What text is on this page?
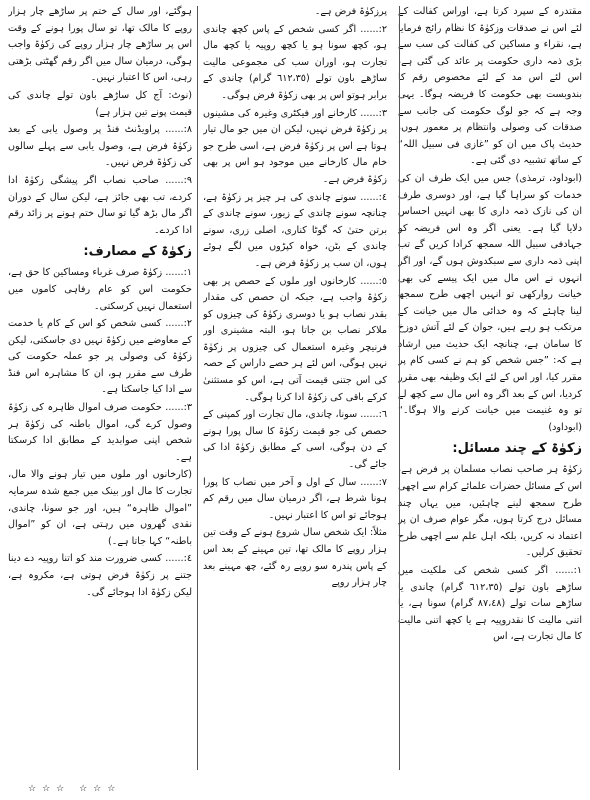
مقتدرہ کے سپرد کرتا ہے، اوراس کفالت کے لئے اس نے صدقات وزکوٰۃ کا نظام رائج فرمایا ہے، نقراء و مساکین کی کفالت کی سب سے بڑی ذمہ داری حکومت پر عائد کی گئی ہے، اس لئے اس مد کے لئے مخصوص رقم کا بندوبست بھی حکومت کا فریضہ ہوگا۔ یہی وجہ ہے کہ جو لوگ حکومت کی جانب سے صدقات کی وصولی وانتظام پر معمور ہوں، حدیث پاک میں ان کو ”غازی فی سبیل اللہ“ کے ساتھ تشبیہ دی گئی ہے۔

(ابوداود، ترمذی) جس میں ایک طرف ان کی خدمات کو سراہا گیا ہے، اور دوسری طرف ان کی نازک ذمہ داری کا بھی انہیں احساس دلایا گیا ہے۔ یعنی اگر وہ اس فریضہ کو جہادفی سبیل اللہ سمجھ کرادا کریں گے تب اپنی ذمہ داری سے سبکدوش ہوں گے، اور اگر انہوں نے اس مال میں ایک پیسے کی بھی خیانت روارکھی تو انہیں اچھی طرح سمجھ لینا چاہئے کہ وہ خدائی مال میں خیانت کے مرتکب ہو رہے ہیں، جوان کے لئے آتش دوزخ کا سامان ہے، چنانچہ ایک حدیث میں ارشاد ہے کہ: ”جس شخص کو ہم نے کسی کام پر مقرر کیا، اور اس کے لئے ایک وظیفہ بھی مقرر کردیا، اس کے بعد اگر وہ اس مال سے کچھ لے تو وہ غنیمت میں خیانت کرنے والا ہوگا۔“ (ابوداود)

زکوٰۃ کے چند مسائل:

زکوٰۃ ہر صاحب نصاب مسلمان پر فرض ہے، اس کے مسائل حضرات علمائے کرام سے اچھی طرح سمجھ لینے چاہئیں، میں یہاں چند مسائل درج کرتا ہوں، مگر عوام صرف ان پر اعتماد نہ کریں، بلکہ اہل علم سے اچھی طرح تحقیق کرلیں۔

١:...... اگر کسی شخص کی ملکیت میں ساڑھے باون تولے (٦١٢،٣٥ گرام) چاندی یا ساڑھے سات تولے (٨٧،٤٨ گرام) سونا ہے، یا اتنی مالیت کا نقدروپیہ ہے یا کچھ اتنی مالیت کا مال تجارت ہے، اس

پرزکوٰۃ فرض ہے۔

٢:...... اگر کسی شخص کے پاس کچھ چاندی ہو، کچھ سونا ہو یا کچھ روپیہ یا کچھ مال تجارت ہو، اوران سب کی مجموعی مالیت ساڑھے باون تولے (٦١٢،٣٥ گرام) چاندی کے برابر ہوتو اس پر بھی زکوٰۃ فرض ہوگی۔

٣:...... کارخانے اور فیکٹری وغیرہ کی مشینوں پر زکوٰۃ فرض نہیں، لیکن ان میں جو مال تیار ہوتا ہے اس پر زکوٰۃ فرض ہے، اسی طرح جو خام مال کارخانے میں موجود ہو اس پر بھی زکوٰۃ فرض ہے۔

٤:...... سونے چاندی کی ہر چیز پر زکوٰۃ ہے، چنانچہ سونے چاندی کے زیور، سونے چاندی کے برتن حتیٰ کہ گوٹا کناری، اصلی زری، سونے چاندی کے بٹن، خواہ کپڑوں میں لگے ہوئے ہوں، ان سب پر زکوٰۃ فرض ہے۔

٥:...... کارخانوں اور ملوں کے حصص پر بھی زکوٰۃ واجب ہے، جبکہ ان حصص کی مقدار بقدر نصاب ہو یا دوسری زکوٰۃ کی چیزوں کو ملاکر نصاب بن جاتا ہو، البتہ مشینری اور فرنیچر وغیرہ استعمال کی چیزوں پر زکوٰۃ نہیں ہوگی، اس لئے ہر حصے داراس کے حصہ کی اس جتنی قیمت آتی ہے، اس کو مستثنیٰ کرکے باقی کی زکوٰۃ ادا کرنا ہوگی۔

٦:...... سونا، چاندی، مال تجارت اور کمپنی کے حصص کی جو قیمت زکوٰۃ کا سال پورا ہونے کے دن ہوگی، اسی کے مطابق زکوٰۃ ادا کی جائے گی۔

٧:...... سال کے اول و آخر میں نصاب کا پورا ہونا شرط ہے، اگر درمیان سال میں رقم کم ہوجائے تو اس کا اعتبار نہیں۔

مثلاً: ایک شخص سال شروع ہونے کے وقت تین ہزار روپے کا مالک تھا، تین مہینے کے بعد اس کے پاس پندرہ سو روپے رہ گئے، چھ مہینے بعد چار ہزار روپے

ہوگئے، اور سال کے ختم پر ساڑھے چار ہزار روپے کا مالک تھا، تو سال پورا ہونے کے وقت اس پر ساڑھے چار ہزار روپے کی زکوٰۃ واجب ہوگی، درمیان سال میں اگر رقم گھٹتی بڑھتی رہی، اس کا اعتبار نہیں۔

(نوٹ: آج کل ساڑھے باون تولے چاندی کی قیمت پونے تین ہزار ہے)

٨:...... پراویڈنٹ فنڈ پر وصول یابی کے بعد زکوٰۃ فرض ہے، وصول یابی سے پہلے سالوں کی زکوٰۃ فرض نہیں۔

٩:...... صاحب نصاب اگر پیشگی زکوٰۃ ادا کردے، تب بھی جائز ہے، لیکن سال کے دوران اگر مال بڑھ گیا تو سال ختم ہونے پر زائد رقم ادا کردے۔

زکوٰۃ کے مصارف:

١:...... زکوٰۃ صرف غرباء ومساکین کا حق ہے، حکومت اس کو عام رفاہی کاموں میں استعمال نہیں کرسکتی۔

٢:...... کسی شخص کو اس کے کام یا خدمت کے معاوضے میں زکوٰۃ نہیں دی جاسکتی، لیکن زکوٰۃ کی وصولی پر جو عملہ حکومت کی طرف سے مقرر ہو، ان کا مشاہرہ اس فنڈ سے ادا کیا جاسکتا ہے۔

٣:...... حکومت صرف اموال ظاہرہ کی زکوٰۃ وصول کرے گی، اموال باطنہ کی زکوٰۃ ہر شخص اپنی صوابدید کے مطابق ادا کرسکتا ہے۔

(کارخانوں اور ملوں میں تیار ہونے والا مال، تجارت کا مال اور بینک میں جمع شدہ سرمایہ ”اموال ظاہرہ“ ہیں، اور جو سونا، چاندی، نقدی گھروں میں رہتی ہے، ان کو ”اموال باطنہ“ کہا جاتا ہے۔)

٤:...... کسی ضرورت مند کو اتنا روپیہ دے دینا جتنے پر زکوٰۃ فرض ہوتی ہے، مکروہ ہے، لیکن زکوٰۃ ادا ہوجائے گی۔

☆☆☆ ☆☆☆
